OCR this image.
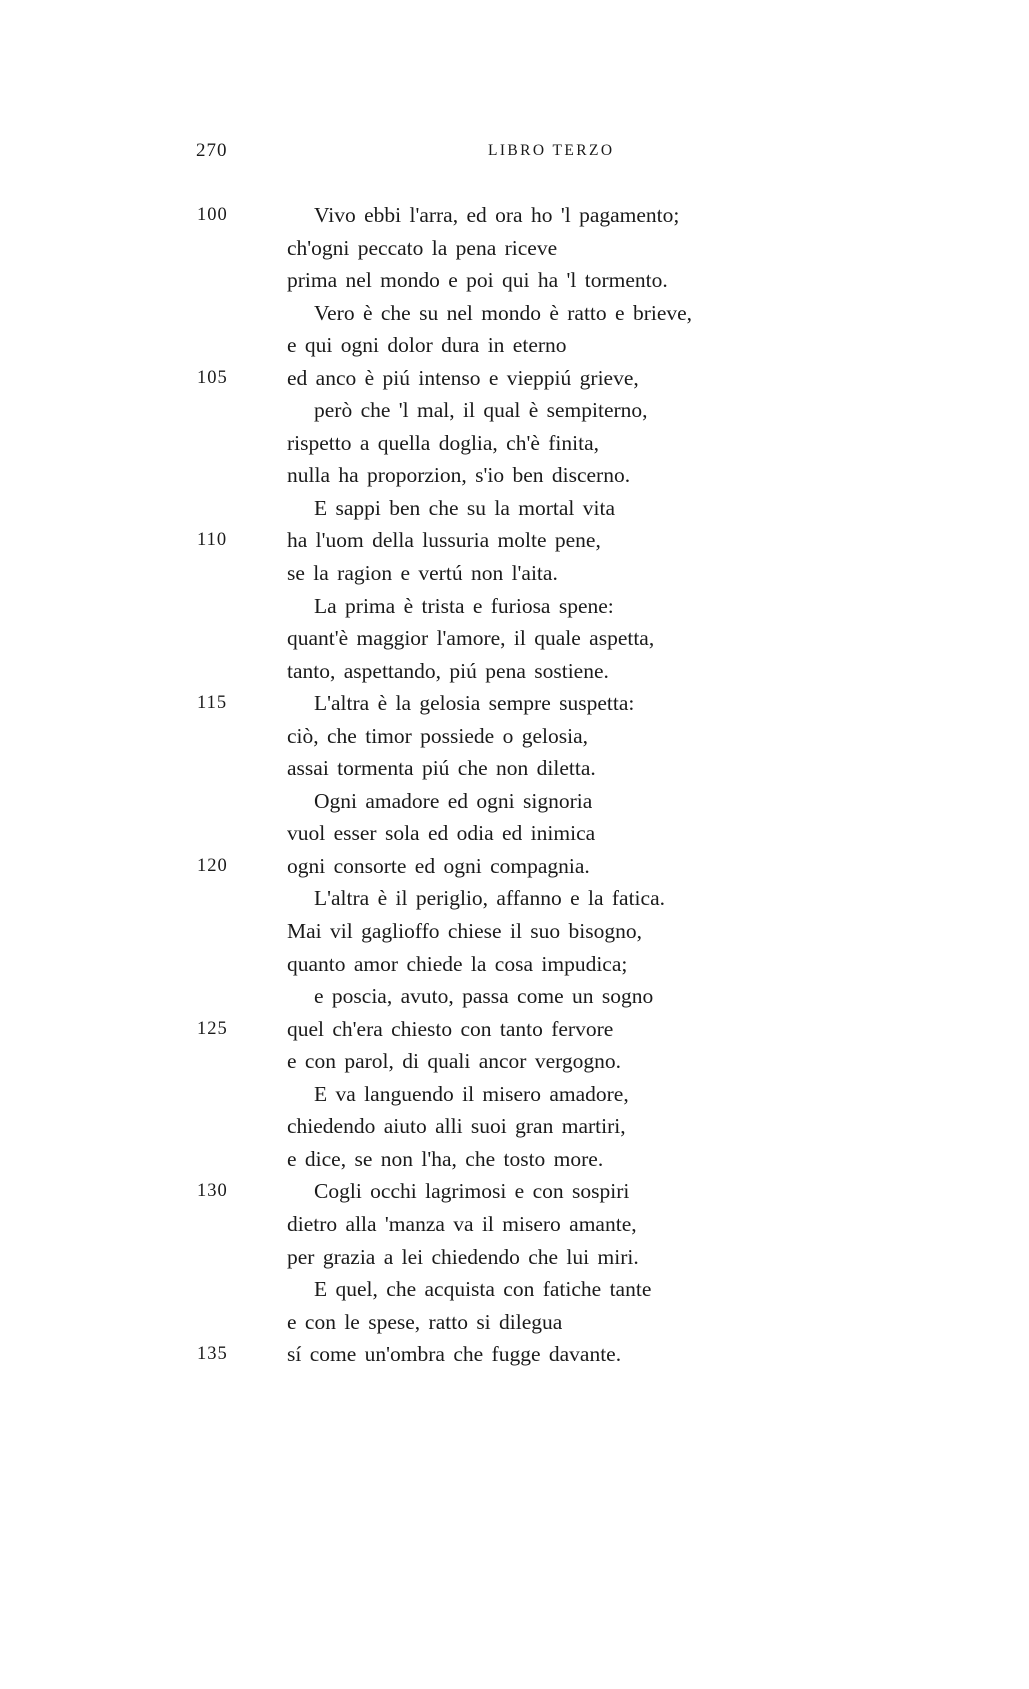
270	LIBRO TERZO
100	Vivo ebbi l'arra, ed ora ho 'l pagamento;
ch'ogni peccato la pena riceve
prima nel mondo e poi qui ha 'l tormento.
Vero è che su nel mondo è ratto e brieve,
e qui ogni dolor dura in eterno
105	ed anco è piú intenso e vieppiú grieve,
però che 'l mal, il qual è sempiterno,
rispetto a quella doglia, ch'è finita,
nulla ha proporzion, s'io ben discerno.
E sappi ben che su la mortal vita
110	ha l'uom della lussuria molte pene,
se la ragion e vertú non l'aita.
La prima è trista e furiosa spene:
quant'è maggior l'amore, il quale aspetta,
tanto, aspettando, piú pena sostiene.
115	L'altra è la gelosia sempre suspetta:
ciò, che timor possiede o gelosia,
assai tormenta piú che non diletta.
Ogni amadore ed ogni signoria
vuol esser sola ed odia ed inimica
120	ogni consorte ed ogni compagnia.
L'altra è il periglio, affanno e la fatica.
Mai vil gaglioffo chiese il suo bisogno,
quanto amor chiede la cosa impudica;
e poscia, avuto, passa come un sogno
125	quel ch'era chiesto con tanto fervore
e con parol, di quali ancor vergogno.
E va languendo il misero amadore,
chiedendo aiuto alli suoi gran martiri,
e dice, se non l'ha, che tosto more.
130	Cogli occhi lagrimosi e con sospiri
dietro alla 'manza va il misero amante,
per grazia a lei chiedendo che lui miri.
E quel, che acquista con fatiche tante
e con le spese, ratto si dilegua
135	sí come un'ombra che fugge davante.
